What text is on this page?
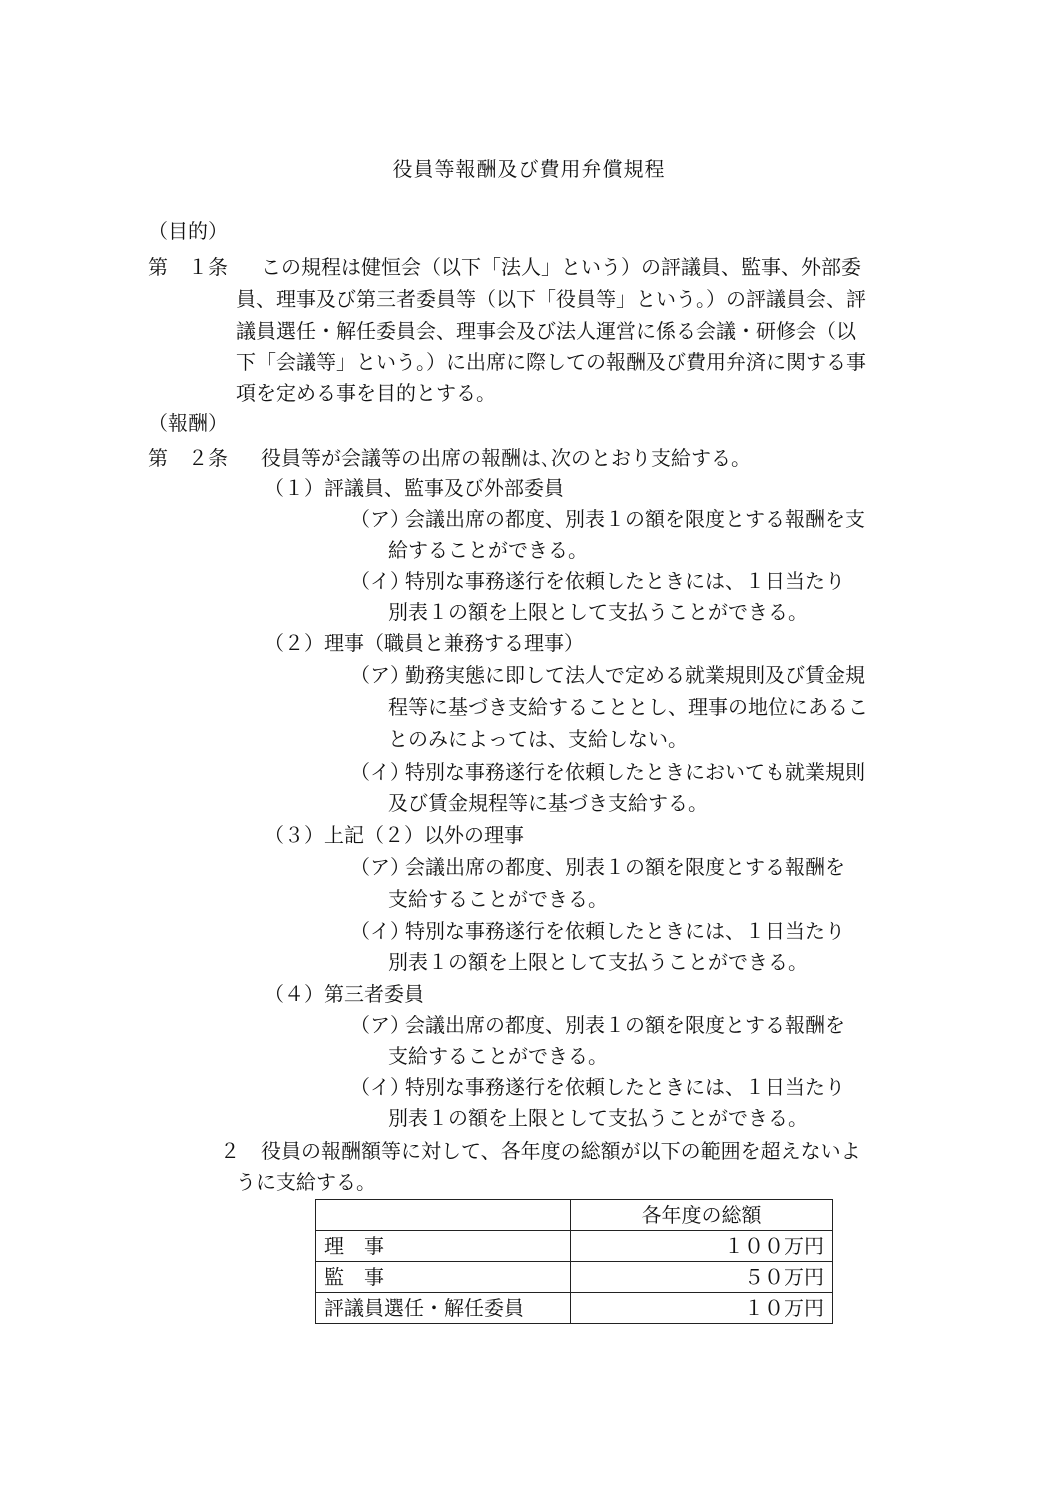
役員等報酬及び費用弁償規程
（目的）
第　１条 この規程は健恒会（以下「法人」という）の評議員、監事、外部委
員、理事及び第三者委員等（以下「役員等」という。）の評議員会、評
議員選任・解任委員会、理事会及び法人運営に係る会議・研修会（以
下「会議等」という。）に出席に際しての報酬及び費用弁済に関する事
項を定める事を目的とする。
（報酬）
第　２条 役員等が会議等の出席の報酬は､次のとおり支給する。
（１）評議員、監事及び外部委員
（ア）
会議出席の都度、別表１の額を限度とする報酬を支
給することができる。
（イ）
特別な事務遂行を依頼したときには、１日当たり
別表１の額を上限として支払うことができる。
（２）理事（職員と兼務する理事）
（ア）
勤務実態に即して法人で定める就業規則及び賃金規
程等に基づき支給することとし、理事の地位にあるこ
とのみによっては、支給しない。
（イ）
特別な事務遂行を依頼したときにおいても就業規則
及び賃金規程等に基づき支給する。
（３）上記（２）以外の理事
（ア）
会議出席の都度、別表１の額を限度とする報酬を
支給することができる。
（イ）
特別な事務遂行を依頼したときには、１日当たり
別表１の額を上限として支払うことができる。
（４）第三者委員
（ア）
会議出席の都度、別表１の額を限度とする報酬を
支給することができる。
（イ）
特別な事務遂行を依頼したときには、１日当たり
別表１の額を上限として支払うことができる。
２ 役員の報酬額等に対して、各年度の総額が以下の範囲を超えないよ
うに支給する。
	各年度の総額
理　事	１００万円
監　事	５０万円
評議員選任・解任委員	１０万円
